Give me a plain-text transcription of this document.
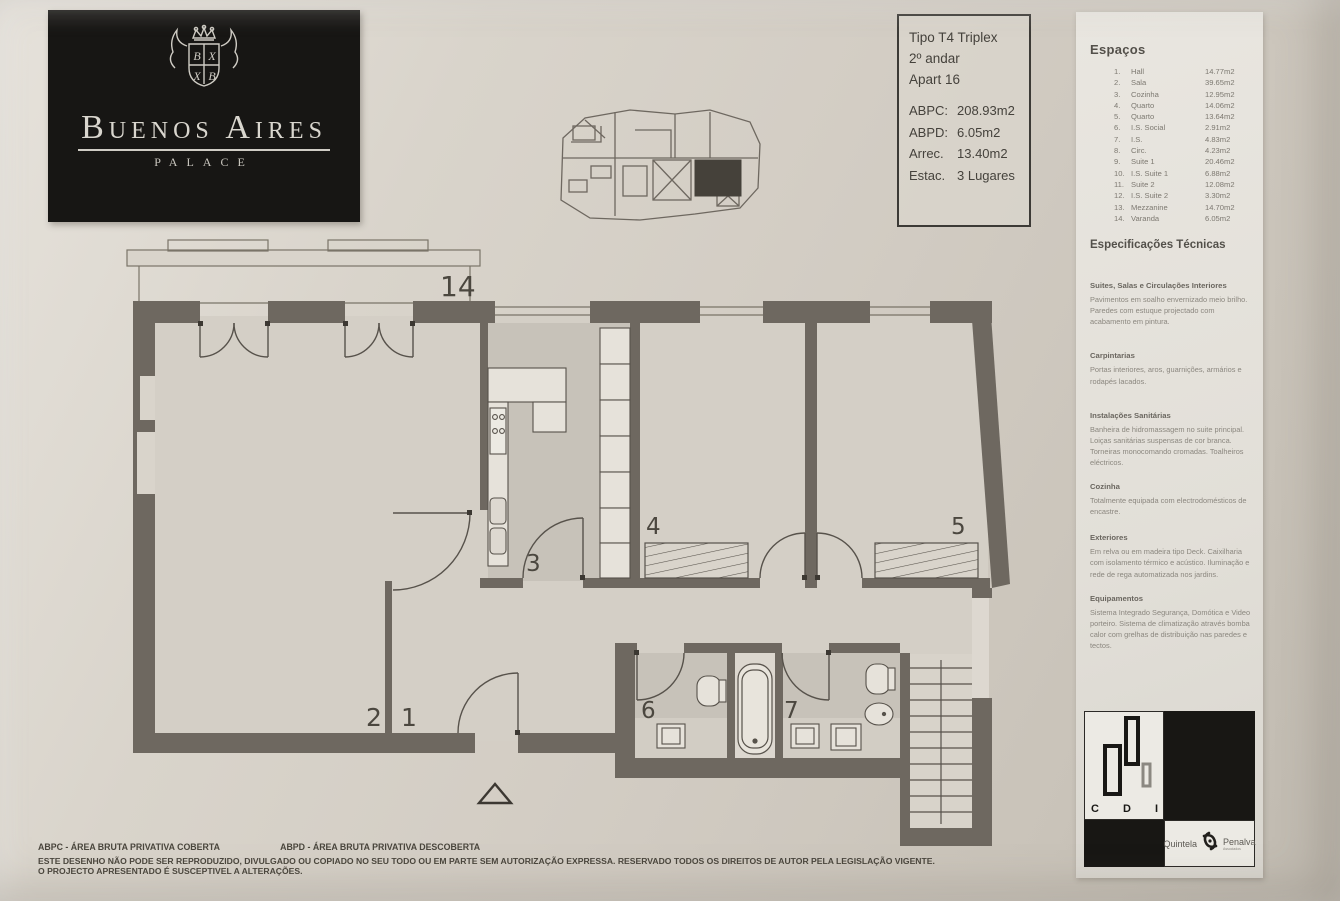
B X
X B
Buenos Aires
PALACE
Tipo T4 Triplex
2º andar
Apart 16
ABPC: 208.93m2
ABPD: 6.05m2
Arrec.	13.40m2
Estac. 3 Lugares
Espaços
1.	Hall	14.77m2
2.	Sala	39.65m2
3.	Cozinha	12.95m2
4.	Quarto	14.06m2
5.	Quarto	13.64m2
6.	I.S. Social	2.91m2
7.	I.S.	4.83m2
8.	Circ.	4.23m2
9.	Suite 1	20.46m2
10. I.S. Suite 1	6.88m2
11. Suite 2	12.08m2
12. I.S. Suite 2	3.30m2
13. Mezzanine	14.70m2
14. Varanda	6.05m2
Especificações Técnicas

Suites, Salas e Circulações Interiores

Pavimentos em soalho envernizado meio brilho. Paredes com estuque projectado com acabamento em pintura.

Carpintarias

Portas interiores, aros, guarnições, armários e rodapés lacados.

Instalações Sanitárias

Banheira de hidromassagem no suite principal. Loiças sanitárias suspensas de cor branca. Torneiras monocomando cromadas. Toalheiros eléctricos.

Cozinha

Totalmente equipada com electrodomésticos de encastre.

Exteriores

Em relva ou em madeira tipo Deck. Caixilharia com isolamento térmico e acústico. Iluminação e rede de rega automatizada nos jardins.

Equipamentos

Sistema Integrado Segurança, Domótica e Video porteiro. Sistema de climatização através bomba calor com grelhas de distribuição nas paredes e tectos.

C D I
Quintela	Penalva
Associados
14
2 1
3
4	5
6	7
ABPC - ÁREA BRUTA PRIVATIVA COBERTA	ABPD - ÁREA BRUTA PRIVATIVA DESCOBERTA
ESTE DESENHO NÃO PODE SER REPRODUZIDO, DIVULGADO OU COPIADO NO SEU TODO OU EM PARTE SEM AUTORIZAÇÃO EXPRESSA. RESERVADO TODOS OS DIREITOS DE AUTOR PELA LEGISLAÇÃO VIGENTE. O PROJECTO APRESENTADO É SUSCEPTIVEL A ALTERAÇÕES.
